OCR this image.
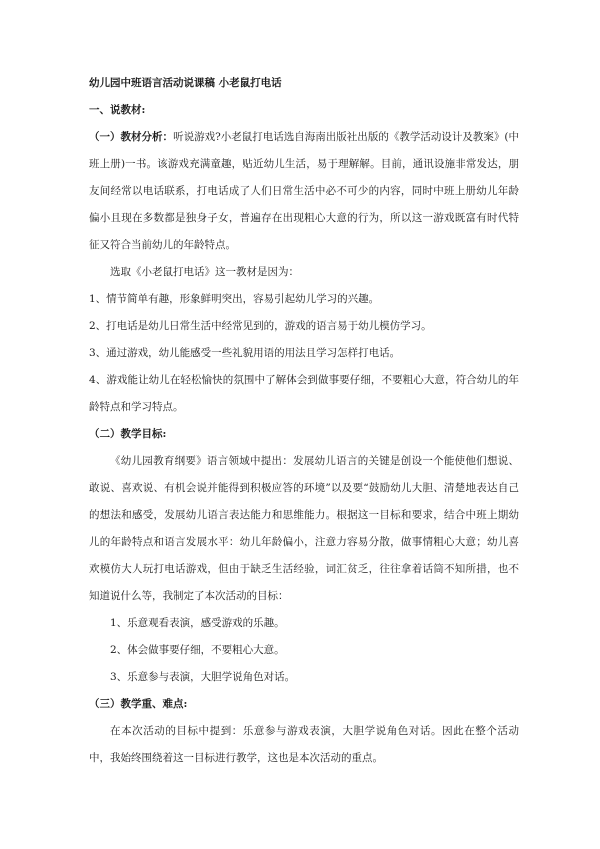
幼儿园中班语言活动说课稿 小老鼠打电话

一、说教材:

（一）教材分析：听说游戏?小老鼠打电话选自海南出版社出版的《教学活动设计及教案》(中班上册)一书。该游戏充满童趣，贴近幼儿生活，易于理解解。目前，通讯设施非常发达，朋友间经常以电话联系，打电话成了人们日常生活中必不可少的内容，同时中班上册幼儿年龄偏小且现在多数都是独身子女，普遍存在出现粗心大意的行为，所以这一游戏既富有时代特征又符合当前幼儿的年龄特点。

选取《小老鼠打电话》这一教材是因为：

1、情节简单有趣，形象鲜明突出，容易引起幼儿学习的兴趣。

2、打电话是幼儿日常生活中经常见到的，游戏的语言易于幼儿模仿学习。

3、通过游戏，幼儿能感受一些礼貌用语的用法且学习怎样打电话。

4、游戏能让幼儿在轻松愉快的氛围中了解体会到做事要仔细，不要粗心大意，符合幼儿的年龄特点和学习特点。

（二）教学目标:

《幼儿园教育纲要》语言领域中提出：发展幼儿语言的关键是创设一个能使他们想说、敢说、喜欢说、有机会说并能得到积极应答的环境”以及要“鼓励幼儿大胆、清楚地表达自己的想法和感受，发展幼儿语言表达能力和思维能力。根据这一目标和要求，结合中班上期幼儿的年龄特点和语言发展水平：幼儿年龄偏小，注意力容易分散，做事情粗心大意；幼儿喜欢模仿大人玩打电话游戏，但由于缺乏生活经验，词汇贫乏，往往拿着话筒不知所措，也不知道说什么等，我制定了本次活动的目标：

1、乐意观看表演，感受游戏的乐趣。

2、体会做事要仔细，不要粗心大意。

3、乐意参与表演，大胆学说角色对话。

（三）教学重、难点:

在本次活动的目标中提到：乐意参与游戏表演，大胆学说角色对话。因此在整个活动中，我始终围绕着这一目标进行教学，这也是本次活动的重点。
